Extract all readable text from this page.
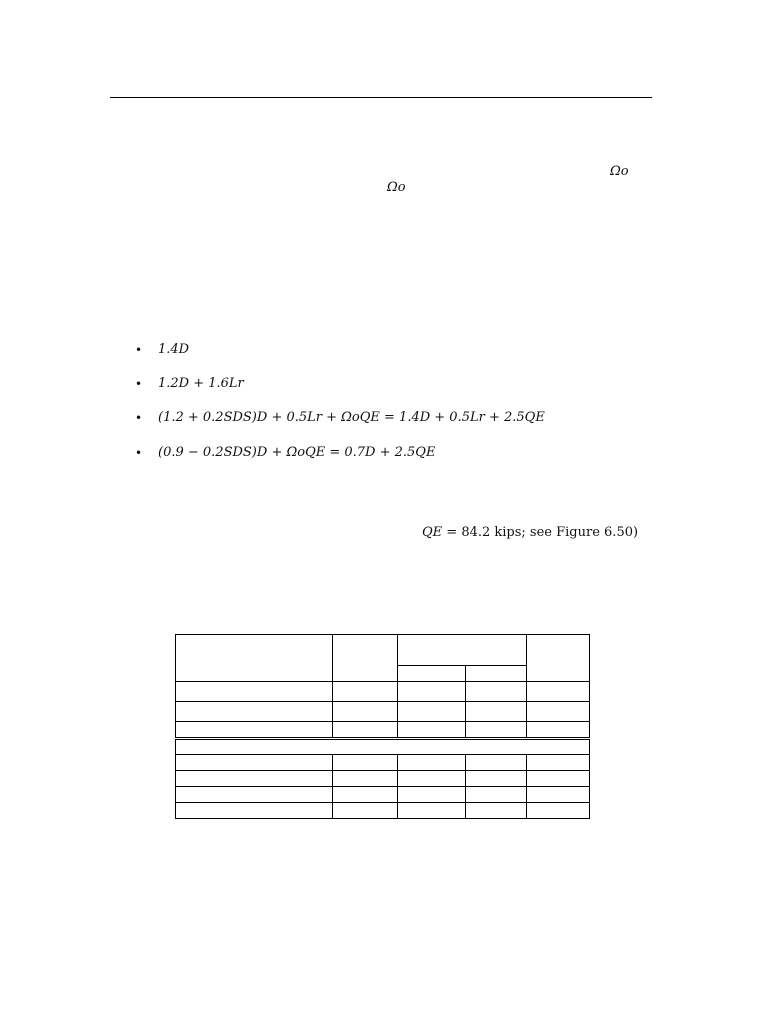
Ωo
Ωo
• 1.4D
• 1.2D + 1.6Lr
• (1.2 + 0.2SDS)D + 0.5Lr + ΩoQE = 1.4D + 0.5Lr + 2.5QE
• (0.9 − 0.2SDS)D + ΩoQE = 0.7D + 2.5QE
QE = 84.2 kips; see Figure 6.50)
